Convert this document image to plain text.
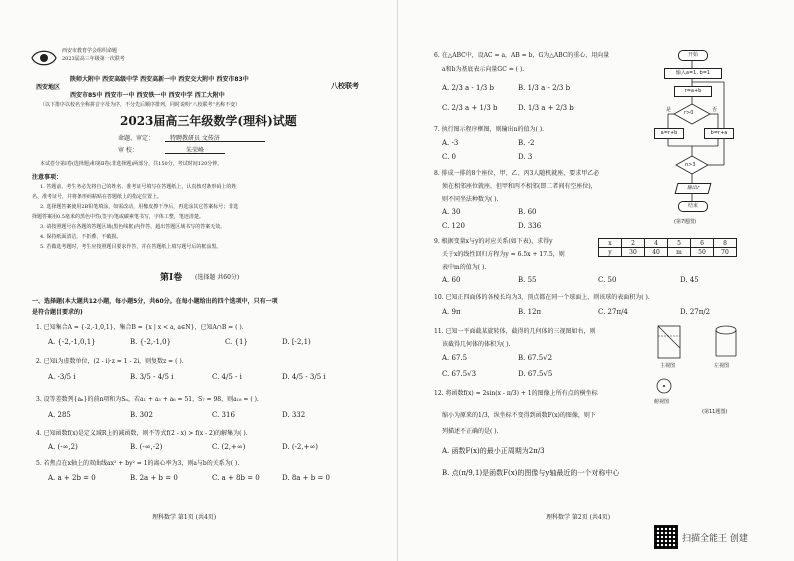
西安市教育学会组织命题
2023届高三年级第一次联考
陕师大附中 西安高级中学 西安高新一中 西安交大附中 西安市83中
西安地区
西安市85中 西安市一中 西安铁一中 西安中学 西工大附中
八校联考
（以下排序以校名全称拼音字母为序，不分先后顺序排列，同时说明“八校联考”名称不变）
2023届高三年级数学(理科)试题
命题、审定：	特聘教研员 文传济
审 校：	朱荣峰
本试卷分第Ⅰ卷(选择题)和第Ⅱ卷(非选择题)两部分，共150分，考试时间120分钟。
注意事项：
1. 答题前，考生务必先将自己的姓名、准考证号填写在答题纸上，认真核对条形码上的姓
名、准考证号，并将条形码粘贴在答题纸上的指定位置上。
2. 选择题答案使用2B铅笔填涂，如需改动，用橡皮擦干净后，再选涂其它答案标号；非选
择题答案用0.5毫米的黑色中性(签字)笔或碳素笔书写，字体工整，笔迹清楚。
3. 请按照题号在各题的答题区域(黑色线框)内作答，超出答题区域书写的答案无效。
4. 保持纸面清洁，不折叠，不破损。
5. 若做选考题时，考生应按照题目要求作答，并在答题纸上填写题号后的框涂黑。
第Ⅰ卷 (选择题 共60分)
一、选择题(本大题共12小题，每小题5分，共60分。在每小题给出的四个选项中，只有一项
是符合题目要求的)
1. 已知集合A = {-2,-1,0,1}，集合B = {x | x < a, a∈N}，已知A∩B = ( ).
A. {-2,-1,0,1}	B. {-2,-1,0}	C. {1}	D. [-2,1)
2. 已知i为虚数单位，(2 - i)·z = 1 - 2i，则复数z = ( ).
A. -3/5 i	B. 3/5 - 4/5 i	C. 4/5 - i	D. 4/5 - 3/5 i
3. 设等差数列{aₙ}的前n项和为Sₙ，若a₁ + a₃ + a₆ = 51，S₇ = 98，则a₁₈ = ( ).
A. 285	B. 302	C. 316	D. 332
4. 已知函数f(x)是定义域R上的减函数，则不等式f(2 - x) > f(x - 2)的解集为( ).
A. (-∞,2)	B. (-∞,-2)	C. (2,+∞)	D. (-2,+∞)
5. 若焦点在x轴上的双曲线ax² + by² = 1的离心率为3，则a与b的关系为( ).
A. a + 2b = 0	B. 2a + b = 0	C. a + 8b = 0	D. 8a + b = 0
理科数学 第1页 (共4页)
6. 在△ABC中，设AC = a，AB = b，G为△ABC的重心，用向量
a和b为基底表示向量GC = ( ).
A. 2/3 a - 1/3 b	B. 1/3 a - 2/3 b
C. 2/3 a + 1/3 b	D. 1/3 a + 2/3 b
7. 执行图示程序框图，则输出n的值为( ).
A. -3	B. -2
C. 0	D. 3
8. 排成一排的8个座位，甲、乙、丙3人随机就座，要求甲乙必
须在相邻座位就座，但甲和丙不相邻(即二者间有空座位)，
则不同坐法种数为( ).
A. 30	B. 60
C. 120	D. 336
9. 根据变量x与y的对应关系(如下表)，求得y
关于x的线性回归方程为y = 6.5x + 17.5，则
表中m的值为( ).
A. 60	B. 55	C. 50	D. 45
x	2	4	5	6	8
y	30	40	m	50	70
10. 已知正四面体的各棱长均为3，顶点都在同一个球面上，则该球的表面积为( ).
A. 9π	B. 12π	C. 27π/4	D. 27π/2
11. 已知一平面截某旋转体，截得的几何体的三视图如右，则
该截得几何体的体积为( ).
A. 67.5	B. 67.5√2
C. 67.5√3	D. 67.5√5
12. 将函数f(x) = 2sin(x - π/3) + 1的图像上所有点的横坐标
缩小为原来的1/3，纵坐标不变得到函数F(x)的图像，则下
列描述不正确的是( ).
A. 函数F(x)的最小正周期为2π/3
B. 点(π/9,1)是函数F(x)的图像与y轴最近的一个对称中心
开始
输入a=1, b=1
r=a+b
r>0
是	否
a=r+b	b=r+a
n>3
输出r
结束
(第7题图)
主视图	左视图
俯视图
(第11题图)
理科数学 第2页 (共4页)
扫描全能王 创建
